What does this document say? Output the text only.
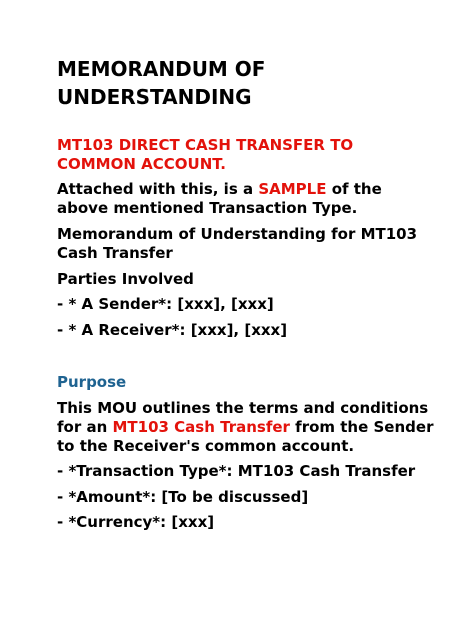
MEMORANDUM OF UNDERSTANDING

MT103 DIRECT CASH TRANSFER TO COMMON ACCOUNT.

Attached with this, is a SAMPLE of the above mentioned Transaction Type.

Memorandum of Understanding for MT103 Cash Transfer

Parties Involved

- * A Sender*: [xxx], [xxx]

- * A Receiver*: [xxx], [xxx]

Purpose

This MOU outlines the terms and conditions for an MT103 Cash Transfer from the Sender to the Receiver's common account.

- *Transaction Type*: MT103 Cash Transfer

- *Amount*: [To be discussed]

- *Currency*: [xxx]
